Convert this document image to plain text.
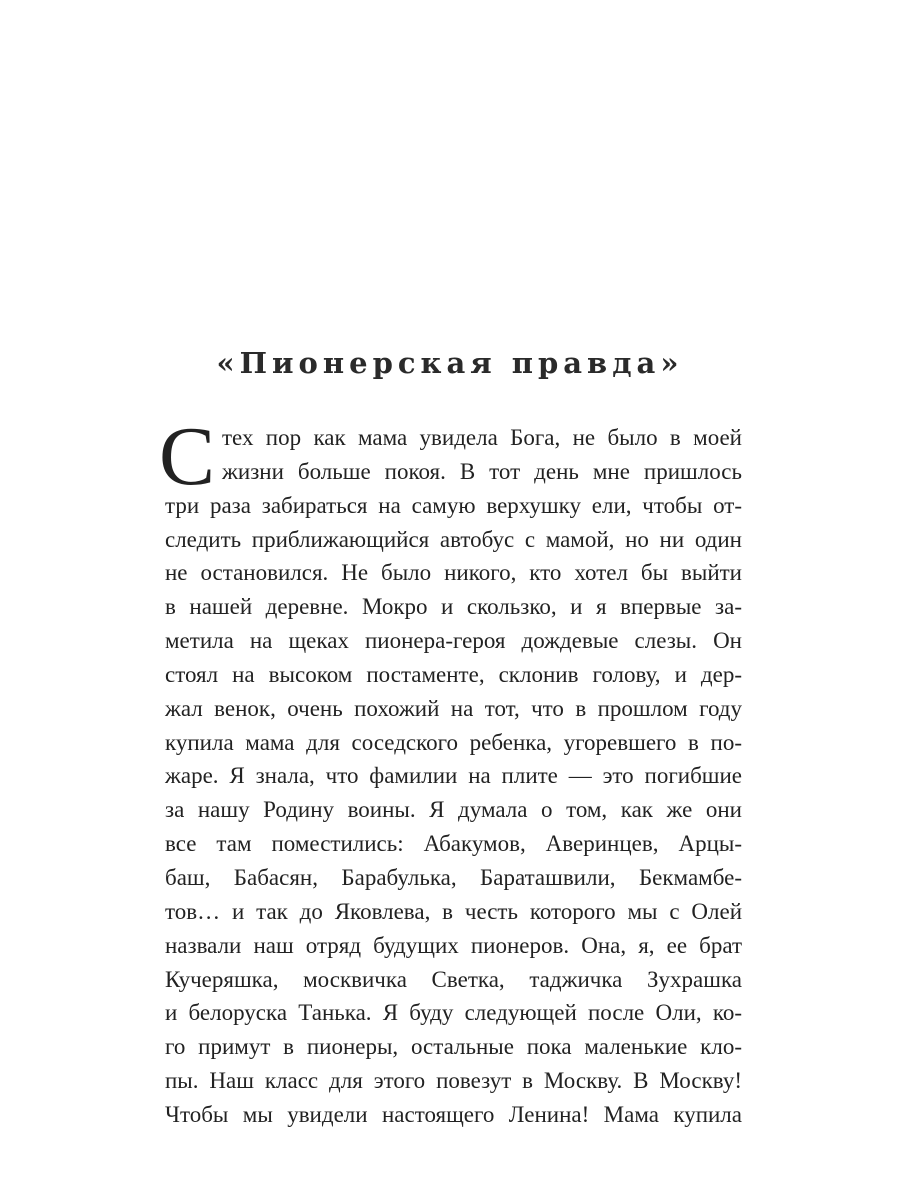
«Пионерская правда»
С тех пор как мама увидела Бога, не было в моей
жизни больше покоя. В тот день мне пришлось
три раза забираться на самую верхушку ели, чтобы от-
следить приближающийся автобус с мамой, но ни один
не остановился. Не было никого, кто хотел бы выйти
в нашей деревне. Мокро и скользко, и я впервые за-
метила на щеках пионера-героя дождевые слезы. Он
стоял на высоком постаменте, склонив голову, и дер-
жал венок, очень похожий на тот, что в прошлом году
купила мама для соседского ребенка, угоревшего в по-
жаре. Я знала, что фамилии на плите — это погибшие
за нашу Родину воины. Я думала о том, как же они
все там поместились: Абакумов, Аверинцев, Арцы-
баш, Бабасян, Барабулька, Бараташвили, Бекмамбе-
тов… и так до Яковлева, в честь которого мы с Олей
назвали наш отряд будущих пионеров. Она, я, ее брат
Кучеряшка, москвичка Светка, таджичка Зухрашка
и белоруска Танька. Я буду следующей после Оли, ко-
го примут в пионеры, остальные пока маленькие кло-
пы. Наш класс для этого повезут в Москву. В Москву!
Чтобы мы увидели настоящего Ленина! Мама купила
